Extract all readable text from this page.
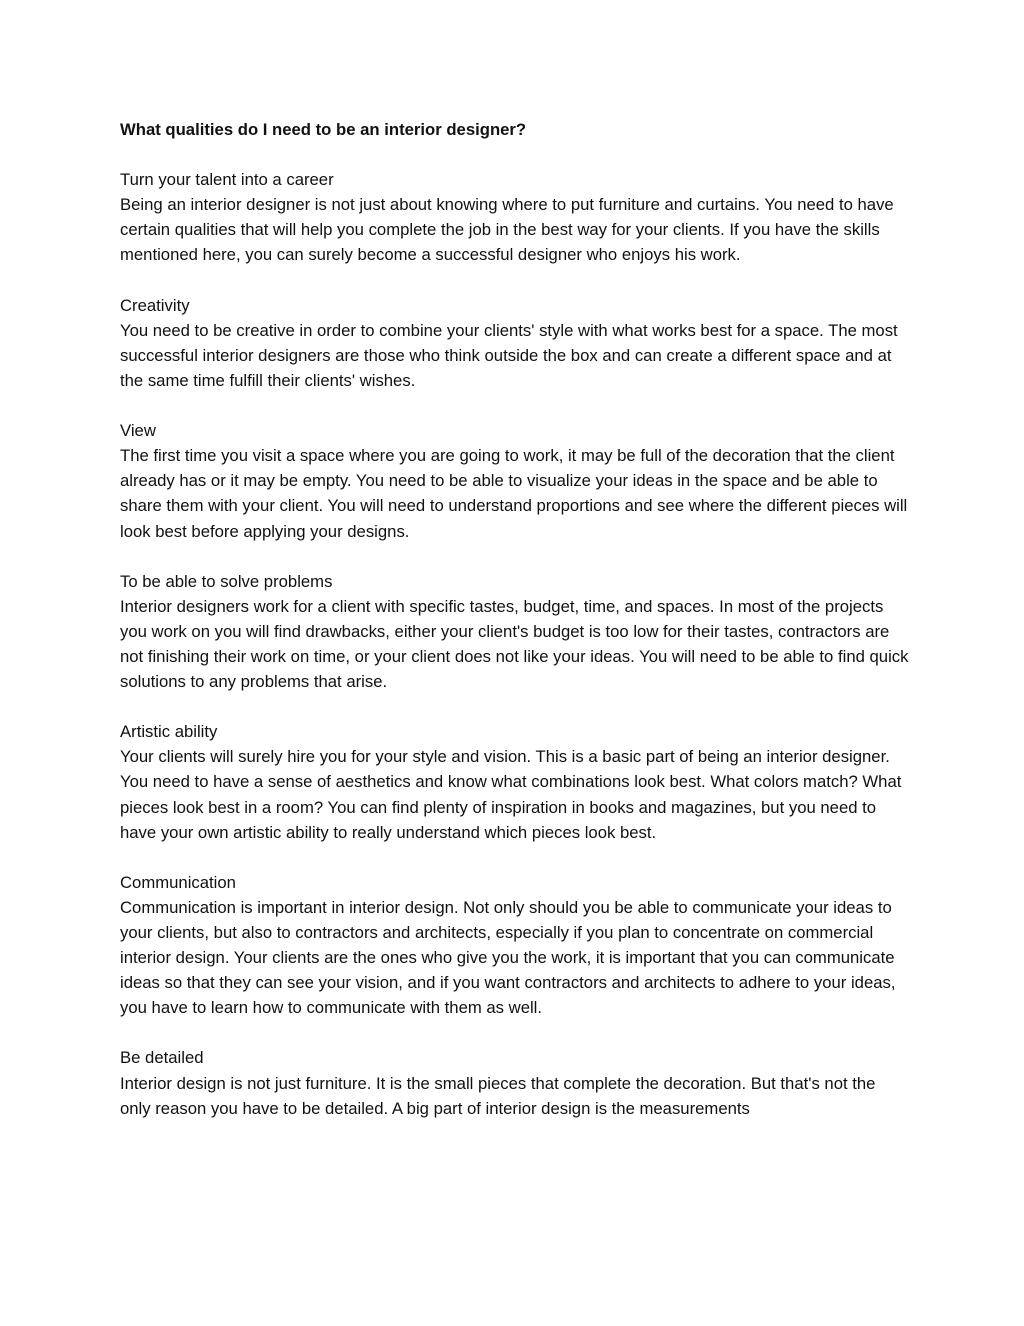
What qualities do I need to be an interior designer?
Turn your talent into a career
Being an interior designer is not just about knowing where to put furniture and curtains. You need to have certain qualities that will help you complete the job in the best way for your clients. If you have the skills mentioned here, you can surely become a successful designer who enjoys his work.
Creativity
You need to be creative in order to combine your clients' style with what works best for a space. The most successful interior designers are those who think outside the box and can create a different space and at the same time fulfill their clients' wishes.
View
The first time you visit a space where you are going to work, it may be full of the decoration that the client already has or it may be empty. You need to be able to visualize your ideas in the space and be able to share them with your client. You will need to understand proportions and see where the different pieces will look best before applying your designs.
To be able to solve problems
Interior designers work for a client with specific tastes, budget, time, and spaces. In most of the projects you work on you will find drawbacks, either your client's budget is too low for their tastes, contractors are not finishing their work on time, or your client does not like your ideas. You will need to be able to find quick solutions to any problems that arise.
Artistic ability
Your clients will surely hire you for your style and vision. This is a basic part of being an interior designer. You need to have a sense of aesthetics and know what combinations look best. What colors match? What pieces look best in a room? You can find plenty of inspiration in books and magazines, but you need to have your own artistic ability to really understand which pieces look best.
Communication
Communication is important in interior design. Not only should you be able to communicate your ideas to your clients, but also to contractors and architects, especially if you plan to concentrate on commercial interior design. Your clients are the ones who give you the work, it is important that you can communicate ideas so that they can see your vision, and if you want contractors and architects to adhere to your ideas, you have to learn how to communicate with them as well.
Be detailed
Interior design is not just furniture. It is the small pieces that complete the decoration. But that's not the only reason you have to be detailed. A big part of interior design is the measurements
